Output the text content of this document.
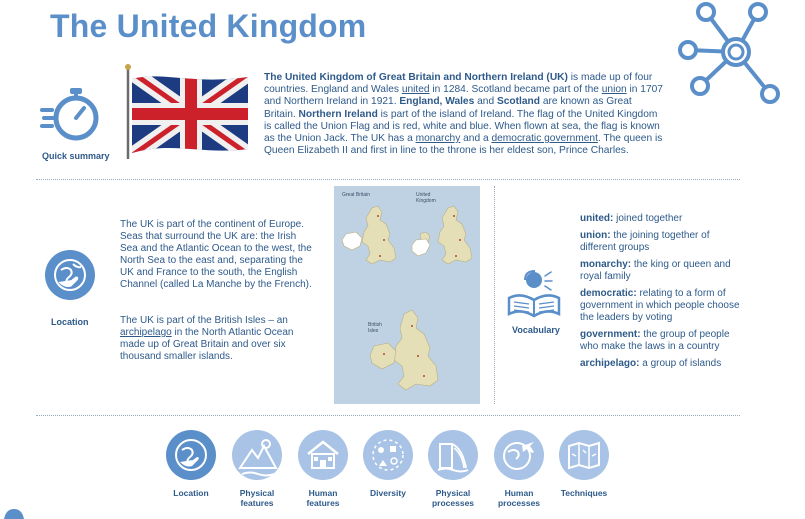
The United Kingdom
Quick summary
The United Kingdom of Great Britain and Northern Ireland (UK) is made up of four countries. England and Wales united in 1284. Scotland became part of the union in 1707 and Northern Ireland in 1921. England, Wales and Scotland are known as Great Britain. Northern Ireland is part of the island of Ireland. The flag of the United Kingdom is called the Union Flag and is red, white and blue. When flown at sea, the flag is known as the Union Jack. The UK has a monarchy and a democratic government. The queen is Queen Elizabeth II and first in line to the throne is her eldest son, Prince Charles.
Location
The UK is part of the continent of Europe. Seas that surround the UK are: the Irish Sea and the Atlantic Ocean to the west, the North Sea to the east and, separating the UK and France to the south, the English Channel (called La Manche by the French).
The UK is part of the British Isles – an archipelago in the North Atlantic Ocean made up of Great Britain and over six thousand smaller islands.
Great Britain	United Kingdom
British Isles	Vocabulary
united: joined together
union: the joining together of different groups
monarchy: the king or queen and royal family
democratic: relating to a form of government in which people choose the leaders by voting
government: the group of people who make the laws in a country
archipelago: a group of islands
Location	Physical features
Human features
Diversity	Physical processes
Human processes
Techniques
